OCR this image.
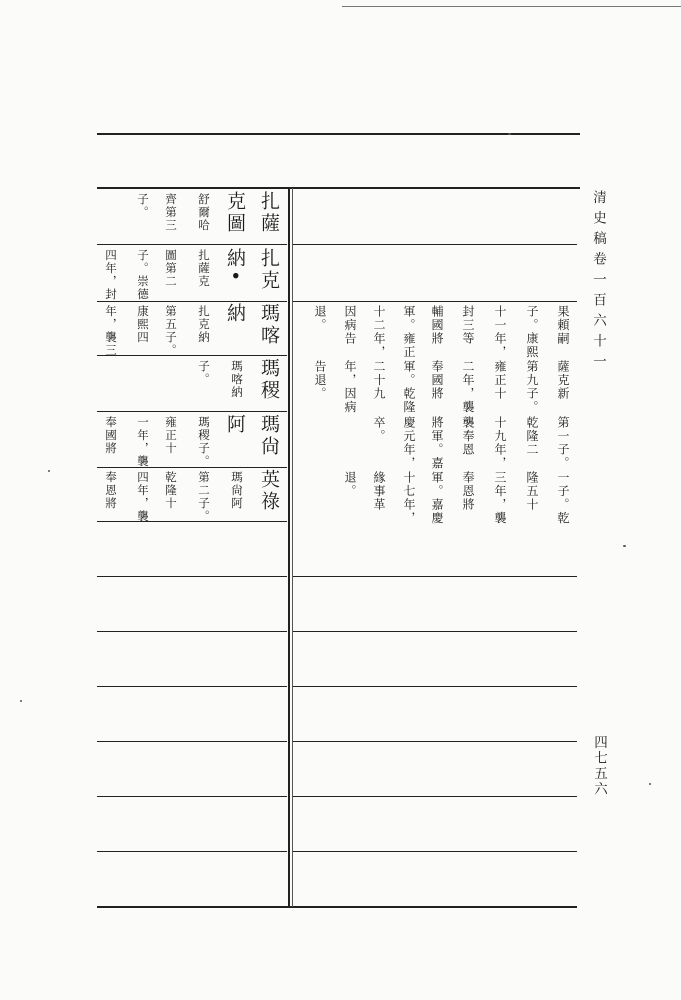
清史稿卷一百六十一
四七五六
扎薩
克圖
舒爾哈
齊第三
子。
扎克
納•
扎薩克
圖第二
子。崇德
四年，封
瑪喀
納
扎克納
第五子。
康熙四
年，襲三
瑪稷
瑪喀納
子。
瑪尙
阿
瑪稷子。
雍正十
一年，襲
奉國將
英祿
瑪尙阿
第二子。
乾隆十
四年，襲
奉恩將
果頼嗣
子。康熙
十一年，
封三等
輔國將
軍。雍正
十二年，
因病告
退。
薩克新
第九子。
雍正十
二年，襲
奉國將
軍。乾隆
二十九
年，因病
告退。
第一子。
乾隆二
十九年，
襲奉恩
將軍。嘉
慶元年，
卒。
一子。乾
隆五十
三年，襲
奉恩將
軍。嘉慶
十七年，
緣事革
退。
